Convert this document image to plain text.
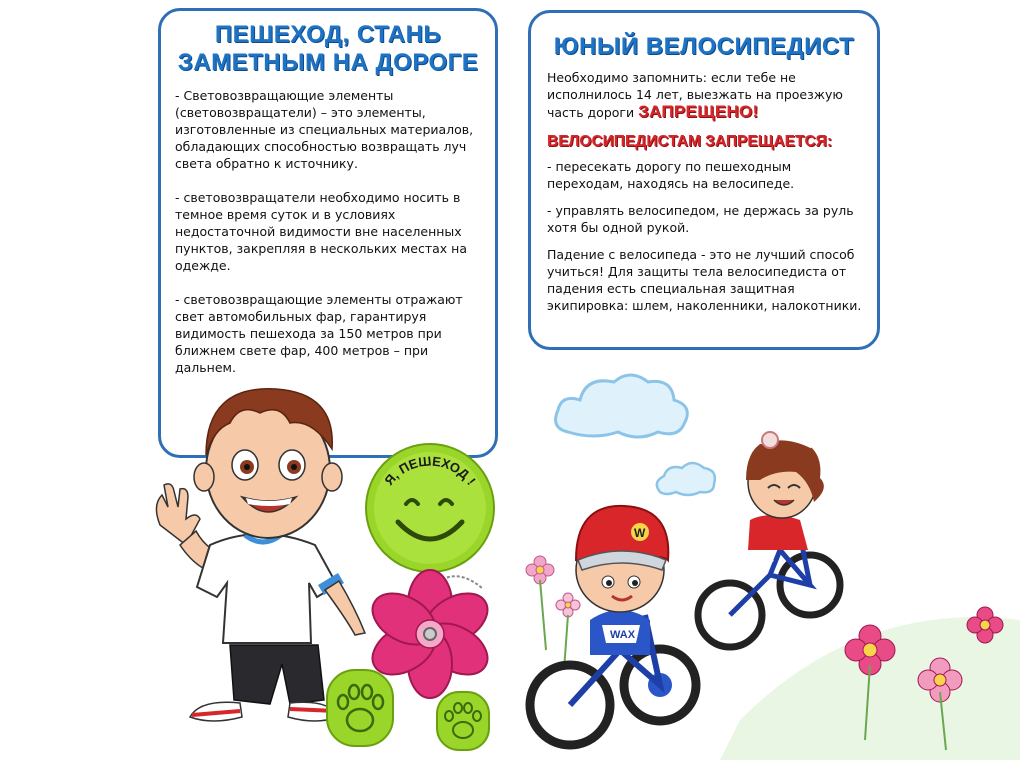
ПЕШЕХОД, СТАНЬ ЗАМЕТНЫМ НА ДОРОГЕ

- Световозвращающие элементы (световозвращатели) – это элементы, изготовленные из специальных материалов, обладающих способностью возвращать луч света обратно к источнику.

- световозвращатели необходимо носить в темное время суток и в условиях недостаточной видимости вне населенных пунктов, закрепляя в нескольких местах на одежде.

- световозвращающие элементы отражают свет автомобильных фар, гарантируя видимость пешехода за 150 метров при ближнем свете фар, 400 метров – при дальнем.

ЮНЫЙ ВЕЛОСИПЕДИСТ

Необходимо запомнить: если тебе не исполнилось 14 лет, выезжать на проезжую часть дороги ЗАПРЕЩЕНО!

ВЕЛОСИПЕДИСТАМ ЗАПРЕЩАЕТСЯ:

- пересекать дорогу по пешеходным переходам, находясь на велосипеде.

- управлять велосипедом, не держась за руль хотя бы одной рукой.

Падение с велосипеда - это не лучший способ учиться! Для защиты тела велосипедиста от падения есть специальная защитная экипировка: шлем, наколенники, налокотники.

Я, ПЕШЕХОД !
TDS
WAX
W
